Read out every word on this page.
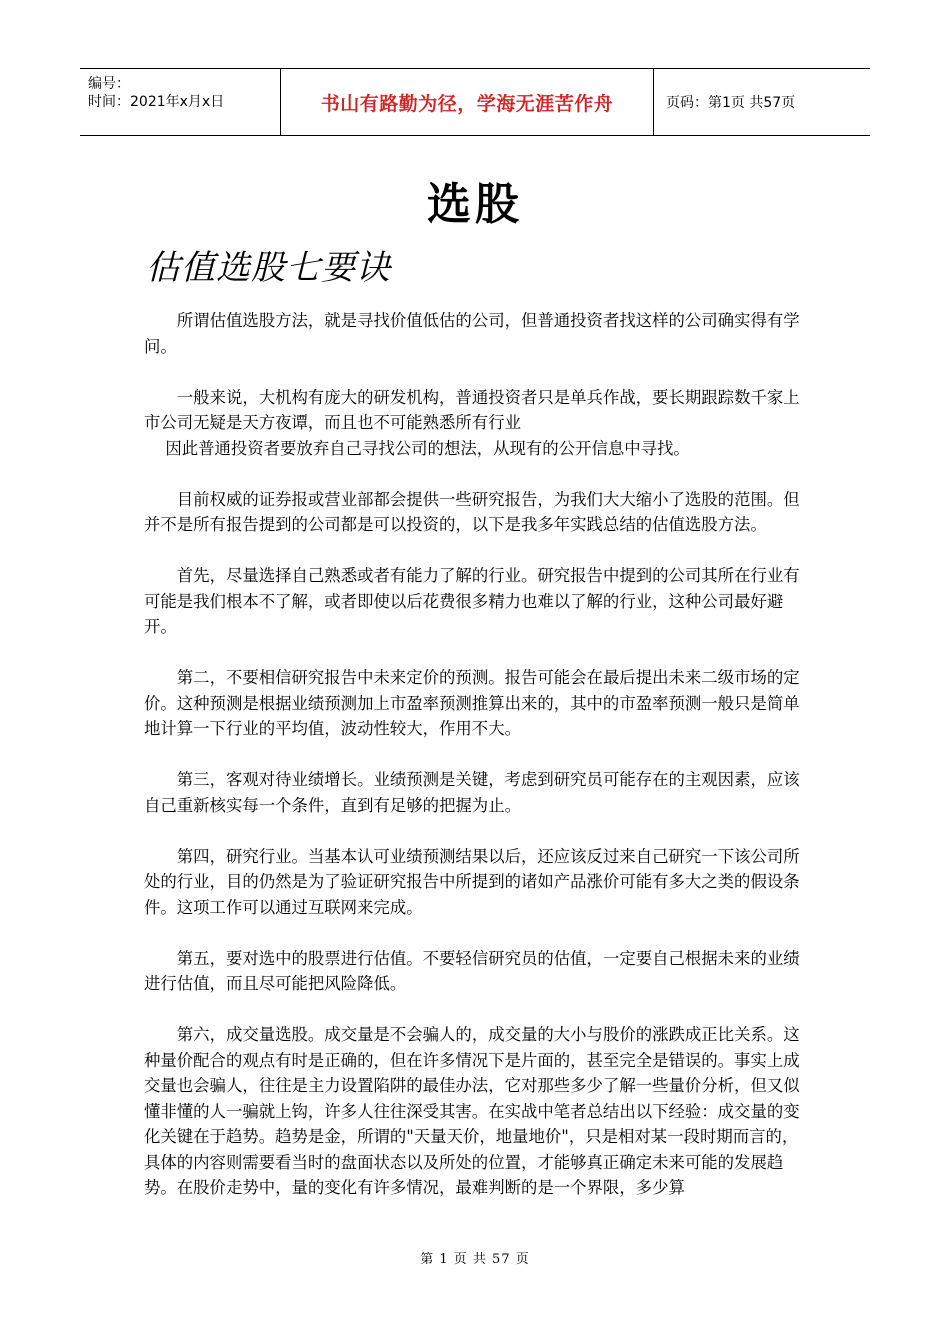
编号：
时间：2021年x月x日	书山有路勤为径，学海无涯苦作舟	页码：第1页 共57页
选股
估值选股七要诀

所谓估值选股方法，就是寻找价值低估的公司，但普通投资者找这样的公司确实得有学问。

一般来说，大机构有庞大的研发机构，普通投资者只是单兵作战，要长期跟踪数千家上市公司无疑是天方夜谭，而且也不可能熟悉所有行业
因此普通投资者要放弃自己寻找公司的想法，从现有的公开信息中寻找。

目前权威的证券报或营业部都会提供一些研究报告，为我们大大缩小了选股的范围。但并不是所有报告提到的公司都是可以投资的，以下是我多年实践总结的估值选股方法。

首先，尽量选择自己熟悉或者有能力了解的行业。研究报告中提到的公司其所在行业有可能是我们根本不了解，或者即使以后花费很多精力也难以了解的行业，这种公司最好避开。

第二，不要相信研究报告中未来定价的预测。报告可能会在最后提出未来二级市场的定价。这种预测是根据业绩预测加上市盈率预测推算出来的，其中的市盈率预测一般只是简单地计算一下行业的平均值，波动性较大，作用不大。

第三，客观对待业绩增长。业绩预测是关键，考虑到研究员可能存在的主观因素，应该自己重新核实每一个条件，直到有足够的把握为止。

第四，研究行业。当基本认可业绩预测结果以后，还应该反过来自己研究一下该公司所处的行业，目的仍然是为了验证研究报告中所提到的诸如产品涨价可能有多大之类的假设条件。这项工作可以通过互联网来完成。

第五，要对选中的股票进行估值。不要轻信研究员的估值，一定要自己根据未来的业绩进行估值，而且尽可能把风险降低。

第六，成交量选股。成交量是不会骗人的，成交量的大小与股价的涨跌成正比关系。这种量价配合的观点有时是正确的，但在许多情况下是片面的，甚至完全是错误的。事实上成交量也会骗人，往往是主力设置陷阱的最佳办法，它对那些多少了解一些量价分析，但又似懂非懂的人一骗就上钩，许多人往往深受其害。在实战中笔者总结出以下经验：成交量的变化关键在于趋势。趋势是金，所谓的"天量天价，地量地价"，只是相对某一段时期而言的，具体的内容则需要看当时的盘面状态以及所处的位置，才能够真正确定未来可能的发展趋势。在股价走势中，量的变化有许多情况，最难判断的是一个界限，多少算

第 1 页 共 57 页
